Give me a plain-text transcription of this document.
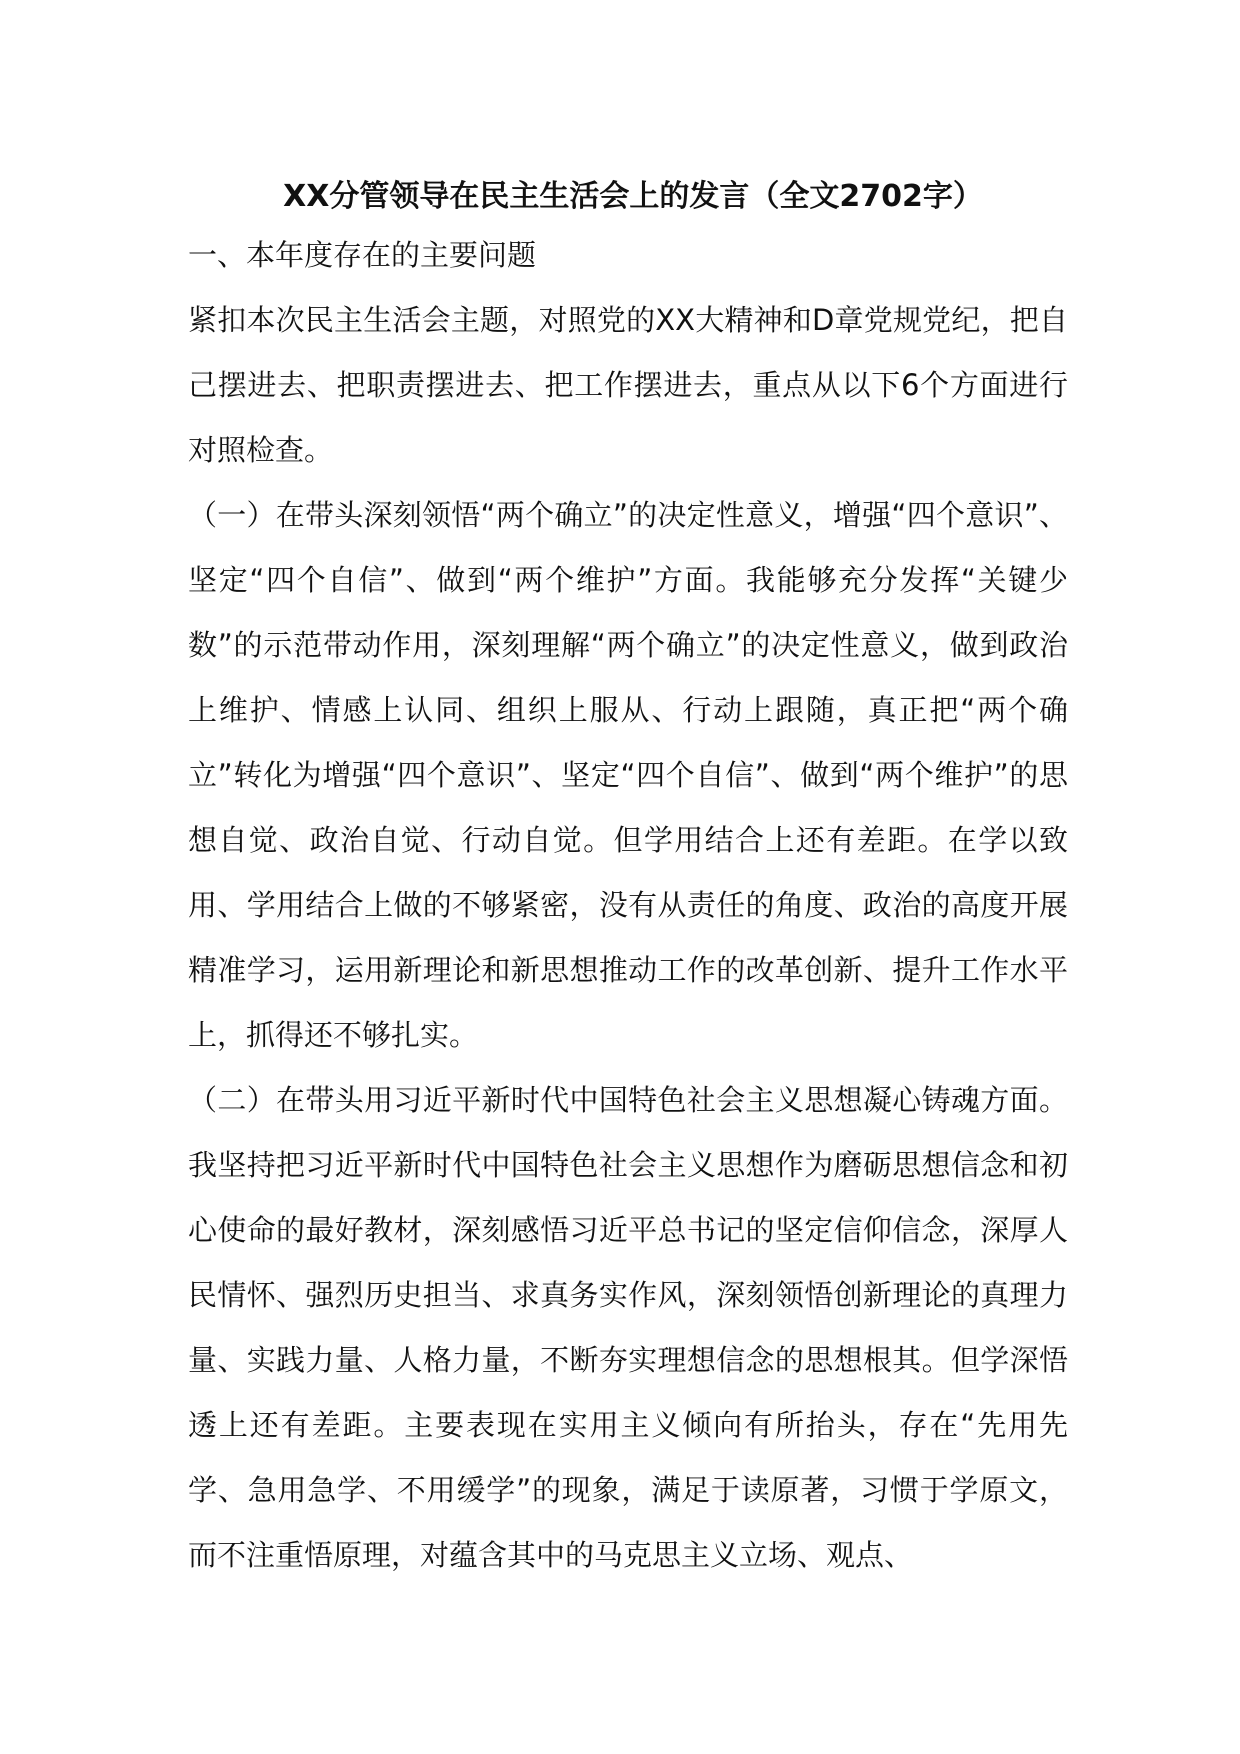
XX分管领导在民主生活会上的发言（全文2702字）

一、本年度存在的主要问题

紧扣本次民主生活会主题，对照党的XX大精神和D章党规党纪，把自己摆进去、把职责摆进去、把工作摆进去，重点从以下6个方面进行对照检查。

（一）在带头深刻领悟“两个确立”的决定性意义，增强“四个意识”、坚定“四个自信”、做到“两个维护”方面。我能够充分发挥“关键少数”的示范带动作用，深刻理解“两个确立”的决定性意义，做到政治上维护、情感上认同、组织上服从、行动上跟随，真正把“两个确立”转化为增强“四个意识”、坚定“四个自信”、做到“两个维护”的思想自觉、政治自觉、行动自觉。但学用结合上还有差距。在学以致用、学用结合上做的不够紧密，没有从责任的角度、政治的高度开展精准学习，运用新理论和新思想推动工作的改革创新、提升工作水平上，抓得还不够扎实。

（二）在带头用习近平新时代中国特色社会主义思想凝心铸魂方面。我坚持把习近平新时代中国特色社会主义思想作为磨砺思想信念和初心使命的最好教材，深刻感悟习近平总书记的坚定信仰信念，深厚人民情怀、强烈历史担当、求真务实作风，深刻领悟创新理论的真理力量、实践力量、人格力量，不断夯实理想信念的思想根其。但学深悟透上还有差距。主要表现在实用主义倾向有所抬头，存在“先用先学、急用急学、不用缓学”的现象，满足于读原著，习惯于学原文，而不注重悟原理，对蕴含其中的马克思主义立场、观点、
